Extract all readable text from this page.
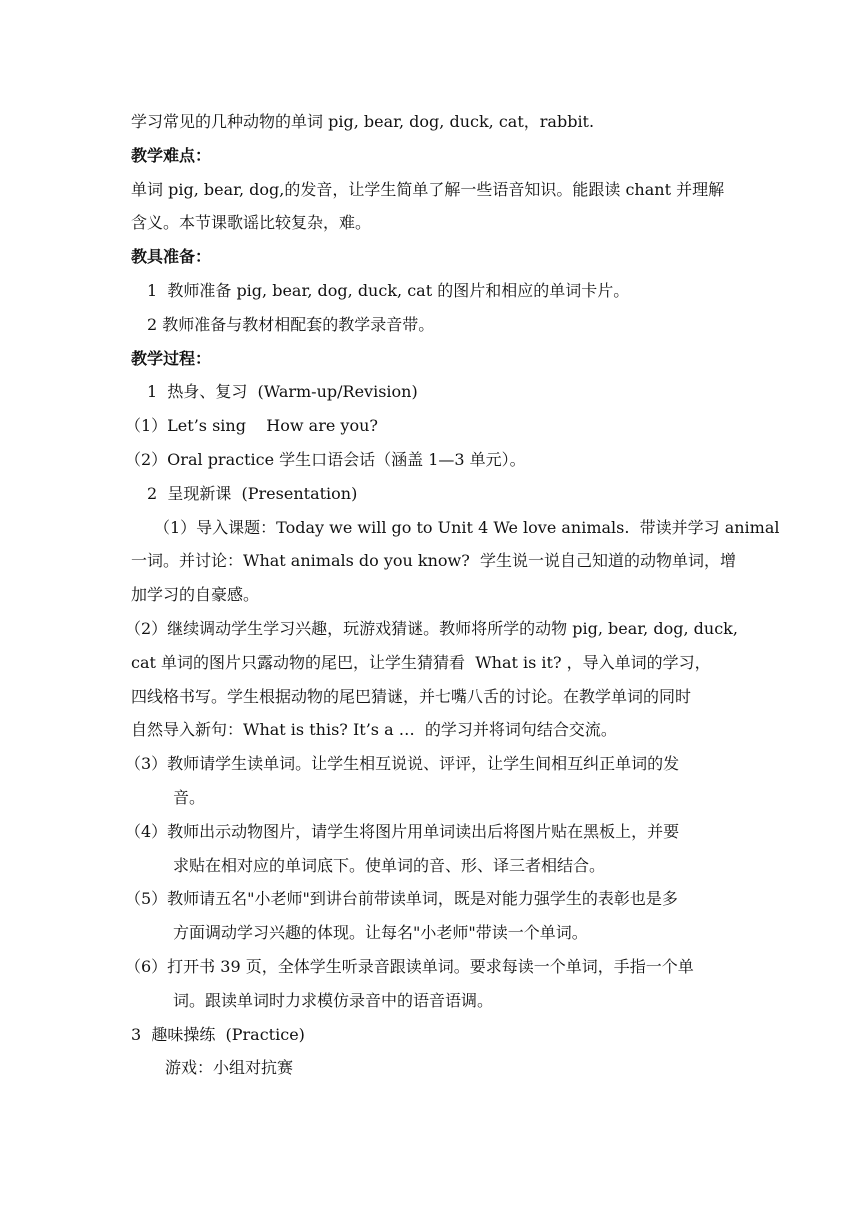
学习常见的几种动物的单词 pig, bear, dog, duck, cat，rabbit.
教学难点：
单词 pig, bear, dog,的发音，让学生简单了解一些语音知识。能跟读 chant 并理解
含义。本节课歌谣比较复杂，难。
教具准备：
1  教师准备 pig, bear, dog, duck, cat 的图片和相应的单词卡片。
2 教师准备与教材相配套的教学录音带。
教学过程：
1  热身、复习  (Warm-up/Revision)
（1）Let’s sing    How are you?
（2）Oral practice 学生口语会话（涵盖 1—3 单元）。
2  呈现新课  (Presentation)
（1）导入课题：Today we will go to Unit 4 We love animals.  带读并学习 animal
一词。并讨论：What animals do you know?  学生说一说自己知道的动物单词，增
加学习的自豪感。
（2）继续调动学生学习兴趣，玩游戏猜谜。教师将所学的动物 pig, bear, dog, duck,
cat 单词的图片只露动物的尾巴，让学生猜猜看  What is it? ，导入单词的学习，
四线格书写。学生根据动物的尾巴猜谜，并七嘴八舌的讨论。在教学单词的同时
自然导入新句：What is this? It’s a …  的学习并将词句结合交流。
（3）教师请学生读单词。让学生相互说说、评评，让学生间相互纠正单词的发
音。
（4）教师出示动物图片，请学生将图片用单词读出后将图片贴在黑板上，并要
求贴在相对应的单词底下。使单词的音、形、译三者相结合。
（5）教师请五名"小老师"到讲台前带读单词，既是对能力强学生的表彰也是多
方面调动学习兴趣的体现。让每名"小老师"带读一个单词。
（6）打开书 39 页，全体学生听录音跟读单词。要求每读一个单词，手指一个单
词。跟读单词时力求模仿录音中的语音语调。
3  趣味操练  (Practice)
游戏：小组对抗赛
